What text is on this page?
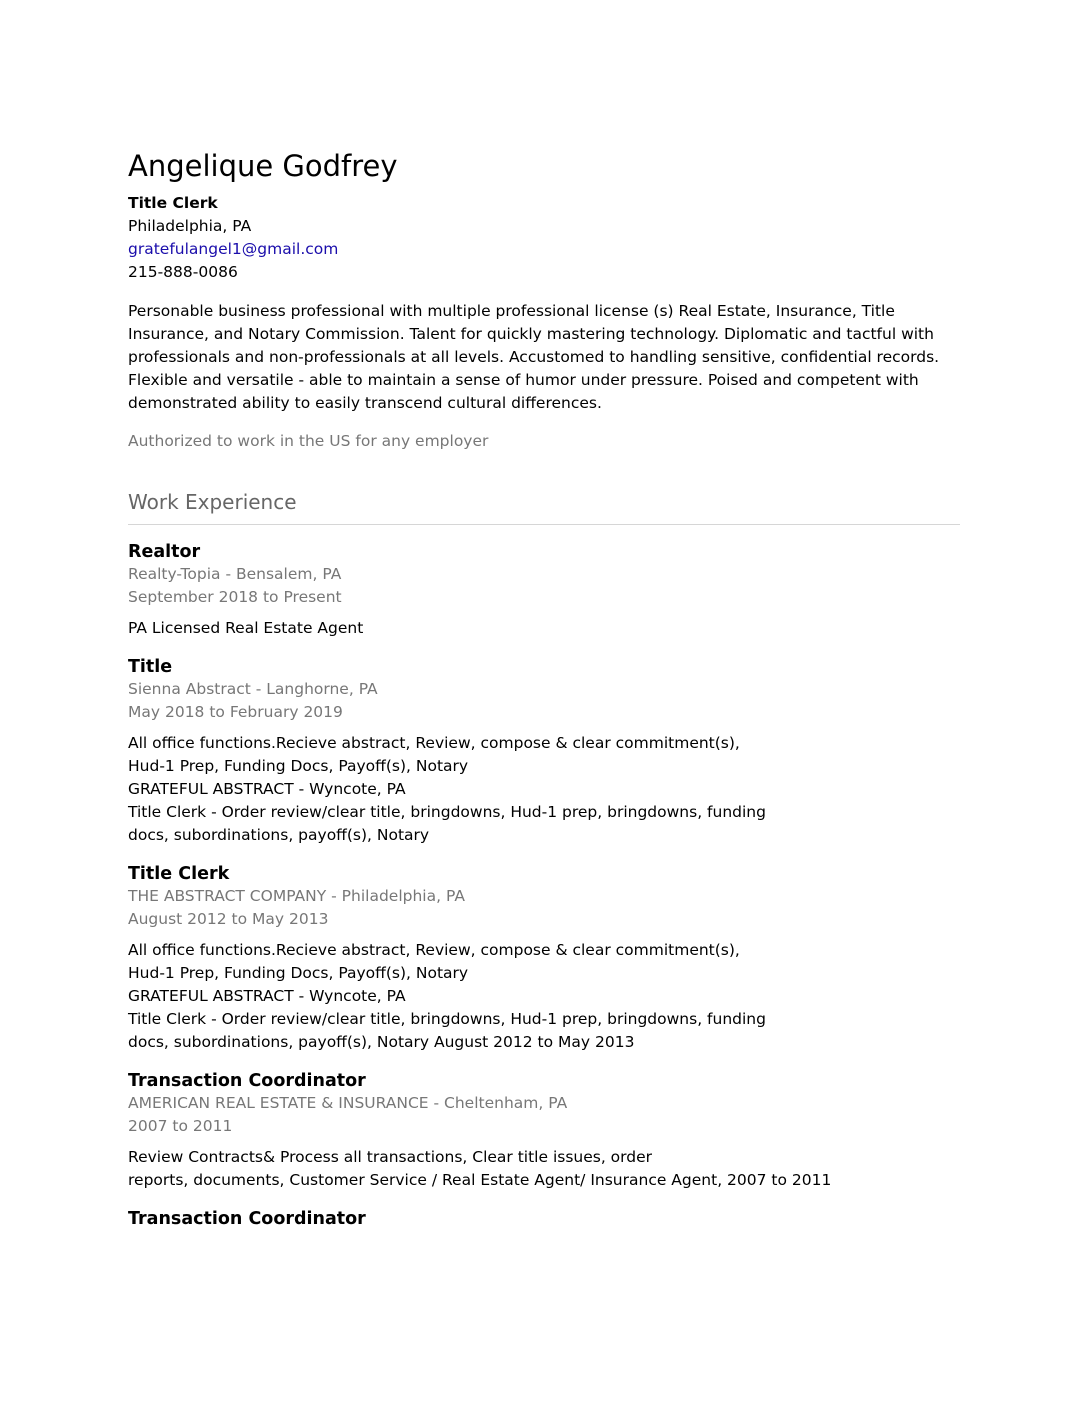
Angelique Godfrey
Title Clerk
Philadelphia, PA
gratefulangel1@gmail.com
215-888-0086
Personable business professional with multiple professional license (s) Real Estate, Insurance, Title Insurance, and Notary Commission. Talent for quickly mastering technology. Diplomatic and tactful with professionals and non-professionals at all levels. Accustomed to handling sensitive, confidential records. Flexible and versatile - able to maintain a sense of humor under pressure. Poised and competent with demonstrated ability to easily transcend cultural differences.
Authorized to work in the US for any employer
Work Experience
Realtor
Realty-Topia - Bensalem, PA
September 2018 to Present
PA Licensed Real Estate Agent
Title
Sienna Abstract - Langhorne, PA
May 2018 to February 2019
All office functions.Recieve abstract, Review, compose & clear commitment(s),
Hud-1 Prep, Funding Docs, Payoff(s), Notary
GRATEFUL ABSTRACT - Wyncote, PA
Title Clerk - Order review/clear title, bringdowns, Hud-1 prep, bringdowns, funding
docs, subordinations, payoff(s), Notary
Title Clerk
THE ABSTRACT COMPANY - Philadelphia, PA
August 2012 to May 2013
All office functions.Recieve abstract, Review, compose & clear commitment(s),
Hud-1 Prep, Funding Docs, Payoff(s), Notary
GRATEFUL ABSTRACT - Wyncote, PA
Title Clerk - Order review/clear title, bringdowns, Hud-1 prep, bringdowns, funding
docs, subordinations, payoff(s), Notary August 2012 to May 2013
Transaction Coordinator
AMERICAN REAL ESTATE & INSURANCE - Cheltenham, PA
2007 to 2011
Review Contracts& Process all transactions, Clear title issues, order
reports, documents, Customer Service / Real Estate Agent/ Insurance Agent, 2007 to 2011
Transaction Coordinator
